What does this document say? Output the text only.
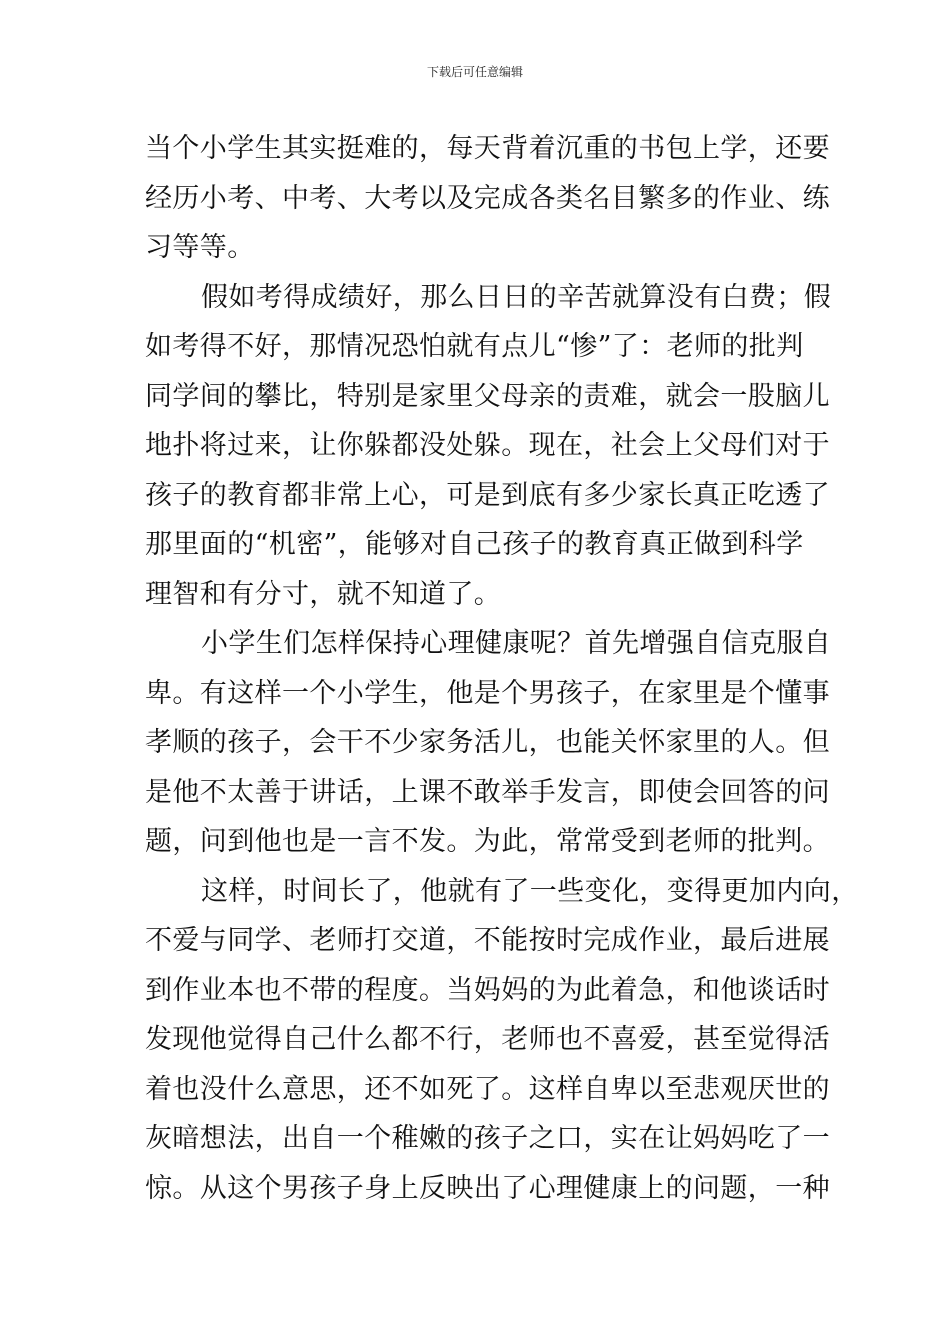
下载后可任意编辑
当个小学生其实挺难的，每天背着沉重的书包上学，还要
经历小考、中考、大考以及完成各类名目繁多的作业、练
习等等。
假如考得成绩好，那么日日的辛苦就算没有白费；假
如考得不好，那情况恐怕就有点儿“惨”了：老师的批判
同学间的攀比，特别是家里父母亲的责难，就会一股脑儿
地扑将过来，让你躲都没处躲。现在，社会上父母们对于
孩子的教育都非常上心，可是到底有多少家长真正吃透了
那里面的“机密”，能够对自己孩子的教育真正做到科学
理智和有分寸，就不知道了。
小学生们怎样保持心理健康呢？首先增强自信克服自
卑。有这样一个小学生，他是个男孩子，在家里是个懂事
孝顺的孩子，会干不少家务活儿，也能关怀家里的人。但
是他不太善于讲话，上课不敢举手发言，即使会回答的问
题，问到他也是一言不发。为此，常常受到老师的批判。
这样，时间长了，他就有了一些变化，变得更加内向，
不爱与同学、老师打交道，不能按时完成作业，最后进展
到作业本也不带的程度。当妈妈的为此着急，和他谈话时
发现他觉得自己什么都不行，老师也不喜爱，甚至觉得活
着也没什么意思，还不如死了。这样自卑以至悲观厌世的
灰暗想法，出自一个稚嫩的孩子之口，实在让妈妈吃了一
惊。从这个男孩子身上反映出了心理健康上的问题，一种
